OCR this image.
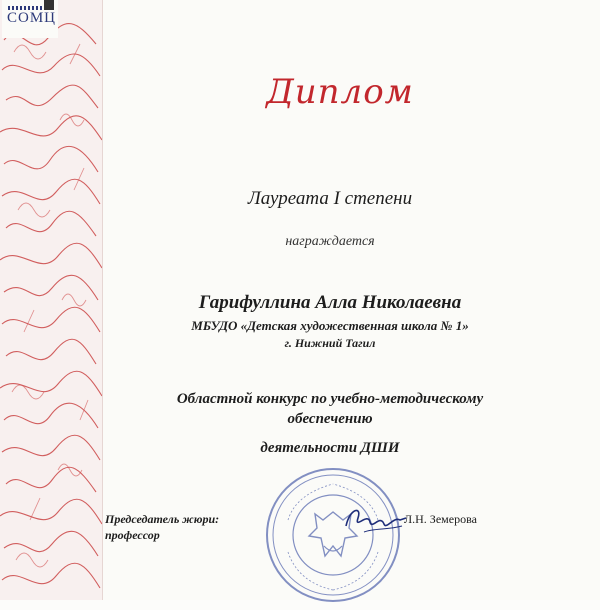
СОМЦ
Диплом
Лауреата I степени
награждается
Гарифуллина Алла Николаевна
МБУДО «Детская художественная школа № 1»
г. Нижний Тагил
Областной конкурс по учебно-методическому
обеспечению
деятельности ДШИ
Председатель жюри:
профессор
Л.Н. Земерова
